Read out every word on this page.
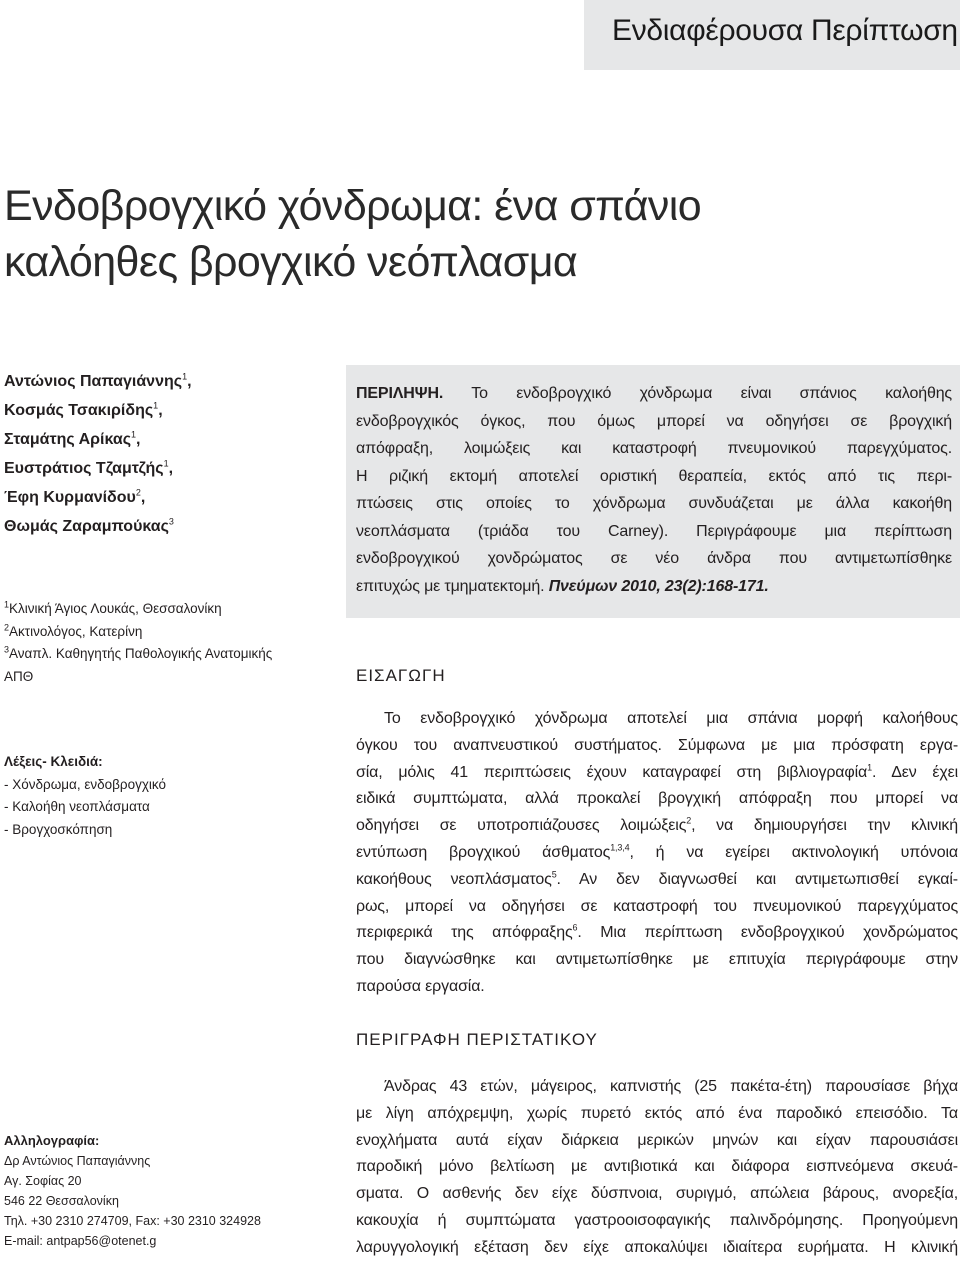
Ενδιαφέρουσα Περίπτωση
Ενδοβρογχικό χόνδρωμα: ένα σπάνιο
καλόηθες βρογχικό νεόπλασμα
Αντώνιος Παπαγιάννης$^1$,
Κοσμάς Τσακιρίδης$^1$,
Σταμάτης Αρίκας$^1$,
Ευστράτιος Τζαμτζής$^1$,
Έφη Κυρμανίδου$^2$,
Θωμάς Ζαραμπούκας$^3$
$^1$Κλινική Άγιος Λουκάς, Θεσσαλονίκη
$^2$Ακτινολόγος, Κατερίνη
$^3$Αναπλ. Καθηγητής Παθολογικής Ανατομικής
ΑΠΘ
Λέξεις- Κλειδιά:
- Χόνδρωμα, ενδοβρογχικό
- Καλοήθη νεοπλάσματα
- Βρογχοσκόπηση
Αλληλογραφία:
Δρ Αντώνιος Παπαγιάννης
Αγ. Σοφίας 20
546 22 Θεσσαλονίκη
Τηλ. +30 2310 274709, Fax: +30 2310 324928
E-mail: antpap56@otenet.g
ΠΕΡΙΛΗΨΗ. Το ενδοβρογχικό χόνδρωμα είναι σπάνιος καλοήθης
ενδοβρογχικός όγκος, που όμως μπορεί να οδηγήσει σε βρογχική
απόφραξη, λοιμώξεις και καταστροφή πνευμονικού παρεγχύματος.
Η ριζική εκτομή αποτελεί οριστική θεραπεία, εκτός από τις περι-
πτώσεις στις οποίες το χόνδρωμα συνδυάζεται με άλλα κακοήθη
νεοπλάσματα (τριάδα του Carney). Περιγράφουμε μια περίπτωση
ενδοβρογχικού χονδρώματος σε νέο άνδρα που αντιμετωπίσθηκε
επιτυχώς με τμηματεκτομή. Πνεύμων 2010, 23(2):168-171.
ΕΙΣΑΓΩΓΗ
Το ενδοβρογχικό χόνδρωμα αποτελεί μια σπάνια μορφή καλοήθους
όγκου του αναπνευστικού συστήματος. Σύμφωνα με μια πρόσφατη εργα-
σία, μόλις 41 περιπτώσεις έχουν καταγραφεί στη βιβλιογραφία$^1$. Δεν έχει
ειδικά συμπτώματα, αλλά προκαλεί βρογχική απόφραξη που μπορεί να
οδηγήσει σε υποτροπιάζουσες λοιμώξεις$^2$, να δημιουργήσει την κλινική
εντύπωση βρογχικού άσθματος$^{1,3,4}$, ή να εγείρει ακτινολογική υπόνοια
κακοήθους νεοπλάσματος$^5$. Αν δεν διαγνωσθεί και αντιμετωπισθεί εγκαί-
ρως, μπορεί να οδηγήσει σε καταστροφή του πνευμονικού παρεγχύματος
περιφερικά της απόφραξης$^6$. Μια περίπτωση ενδοβρογχικού χονδρώματος
που διαγνώσθηκε και αντιμετωπίσθηκε με επιτυχία περιγράφουμε στην
παρούσα εργασία.
ΠΕΡΙΓΡΑΦΗ ΠΕΡΙΣΤΑΤΙΚΟΥ
Άνδρας 43 ετών, μάγειρος, καπνιστής (25 πακέτα-έτη) παρουσίασε βήχα
με λίγη απόχρεμψη, χωρίς πυρετό εκτός από ένα παροδικό επεισόδιο. Τα
ενοχλήματα αυτά είχαν διάρκεια μερικών μηνών και είχαν παρουσιάσει
παροδική μόνο βελτίωση με αντιβιοτικά και διάφορα εισπνεόμενα σκευά-
σματα. Ο ασθενής δεν είχε δύσπνοια, συριγμό, απώλεια βάρους, ανορεξία,
κακουχία ή συμπτώματα γαστροοισοφαγικής παλινδρόμησης. Προηγούμενη
λαρυγγολογική εξέταση δεν είχε αποκαλύψει ιδιαίτερα ευρήματα. Η κλινική
